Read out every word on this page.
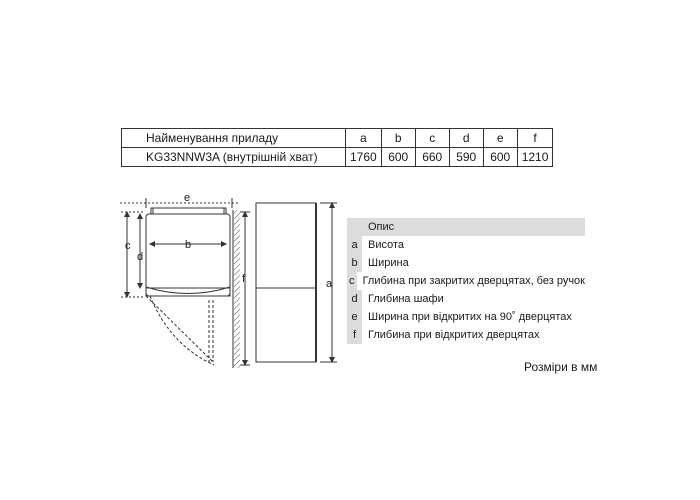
Найменування приладу	a	b	c	d	e	f
KG33NNW3A (внутрішній хват)	1760	600	660	590	600	1210
e
b
c
d
f	a
Опис
a Висота
b Ширина
c Глибина при закритих дверцятах, без ручок
d Глибина шафи
e Ширина при відкритих на 90˚ дверцятах
f	Глибина при відкритих дверцятах
Розміри в мм
